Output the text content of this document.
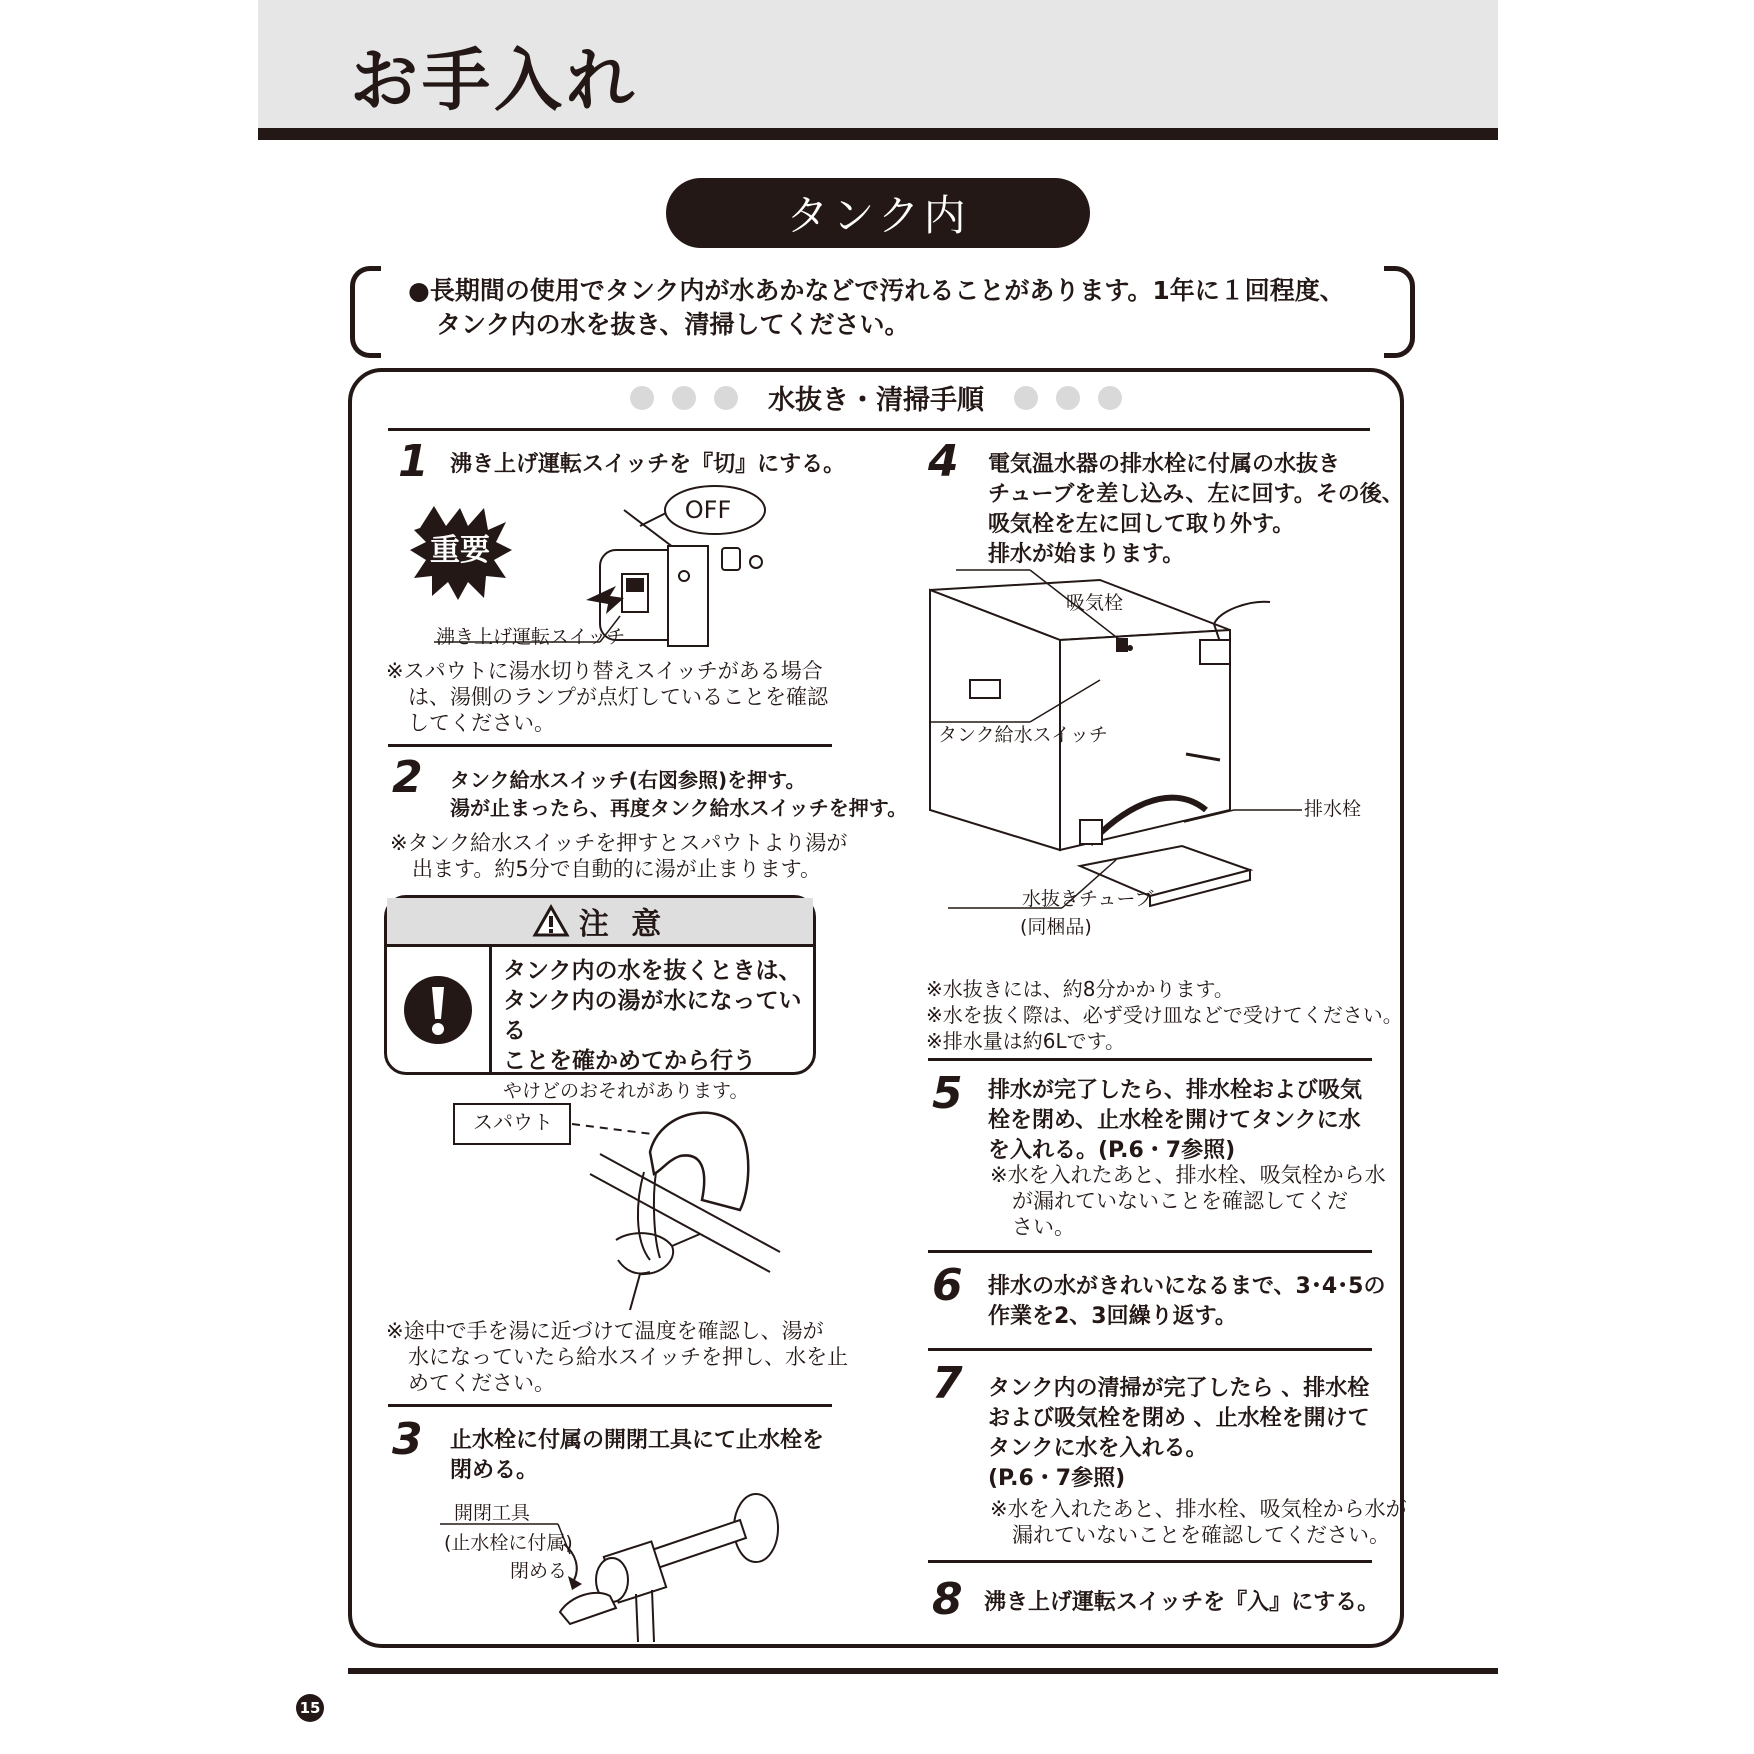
お手入れ
タンク内
●長期間の使用でタンク内が水あかなどで汚れることがあります。1年に１回程度、
タンク内の水を抜き、清掃してください。
水抜き・清掃手順
1 沸き上げ運転スイッチを『切』にする。
重要
OFF
沸き上げ運転スイッチ
※スパウトに湯水切り替えスイッチがある場合
は、湯側のランプが点灯していることを確認
してください。
2 タンク給水スイッチ(右図参照)を押す。
湯が止まったら、再度タンク給水スイッチを押す。
※タンク給水スイッチを押すとスパウトより湯が
出ます。約5分で自動的に湯が止まります。
注 意
タンク内の水を抜くときは、
タンク内の湯が水になっている
ことを確かめてから行う
やけどのおそれがあります。
スパウト
※途中で手を湯に近づけて温度を確認し、湯が
水になっていたら給水スイッチを押し、水を止
めてください。
3 止水栓に付属の開閉工具にて止水栓を
閉める。
開閉工具
(止水栓に付属)
閉める
4 電気温水器の排水栓に付属の水抜き
チューブを差し込み、左に回す。その後、
吸気栓を左に回して取り外す。
排水が始まります。
吸気栓
タンク給水スイッチ
排水栓
水抜きチューブ
(同梱品)
※水抜きには、約8分かかります。
※水を抜く際は、必ず受け皿などで受けてください。
※排水量は約6Lです。
5 排水が完了したら、排水栓および吸気
栓を閉め、止水栓を開けてタンクに水
を入れる。(P.6・7参照)
※水を入れたあと、排水栓、吸気栓から水
が漏れていないことを確認してくだ
さい。
6 排水の水がきれいになるまで、3･4･5の
作業を2、3回繰り返す。
7 タンク内の清掃が完了したら 、排水栓
および吸気栓を閉め 、止水栓を開けて
タンクに水を入れる。
(P.6・7参照)
※水を入れたあと、排水栓、吸気栓から水が
漏れていないことを確認してください。
8 沸き上げ運転スイッチを『入』にする。
15
